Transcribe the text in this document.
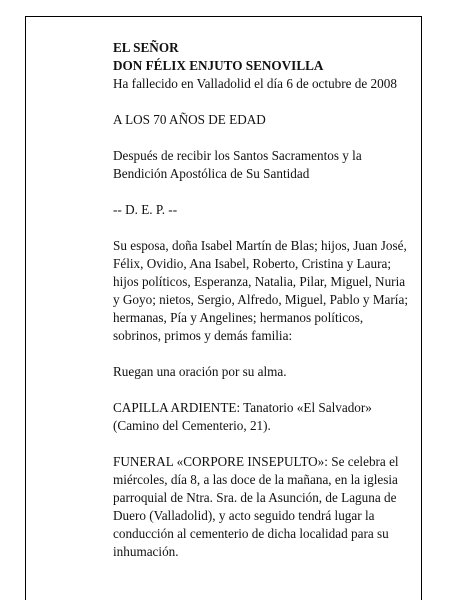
EL SEÑOR

DON FÉLIX ENJUTO SENOVILLA

Ha fallecido en Valladolid el día 6 de octubre de 2008

A LOS 70 AÑOS DE EDAD

Después de recibir los Santos Sacramentos y la

Bendición Apostólica de Su Santidad

-- D. E. P. --

Su esposa, doña Isabel Martín de Blas; hijos, Juan José,

Félix, Ovidio, Ana Isabel, Roberto, Cristina y Laura;

hijos políticos, Esperanza, Natalia, Pilar, Miguel, Nuria

y Goyo; nietos, Sergio, Alfredo, Miguel, Pablo y María;

hermanas, Pía y Angelines; hermanos políticos,

sobrinos, primos y demás familia:

Ruegan una oración por su alma.

CAPILLA ARDIENTE: Tanatorio «El Salvador»

(Camino del Cementerio, 21).

FUNERAL «CORPORE INSEPULTO»: Se celebra el

miércoles, día 8, a las doce de la mañana, en la iglesia

parroquial de Ntra. Sra. de la Asunción, de Laguna de

Duero (Valladolid), y acto seguido tendrá lugar la

conducción al cementerio de dicha localidad para su

inhumación.
